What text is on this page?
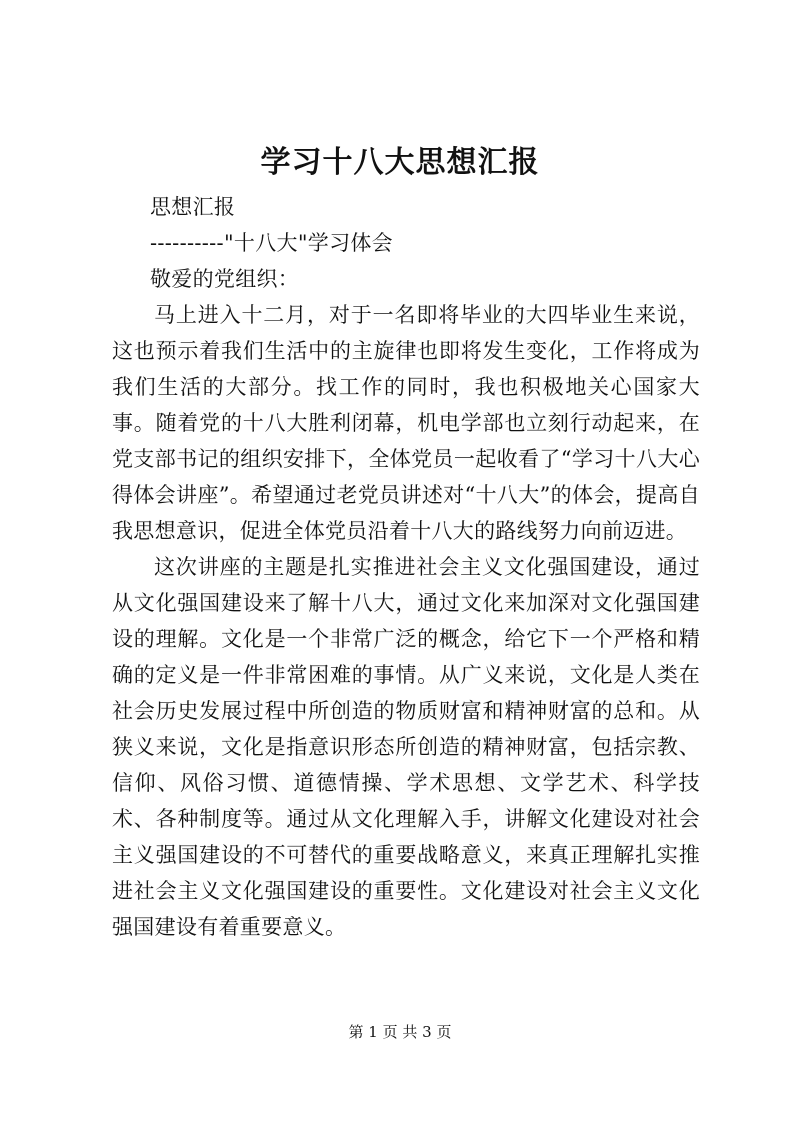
学习十八大思想汇报

思想汇报

----------"十八大"学习体会

敬爱的党组织：

马上进入十二月，对于一名即将毕业的大四毕业生来说，这也预示着我们生活中的主旋律也即将发生变化，工作将成为我们生活的大部分。找工作的同时，我也积极地关心国家大事。随着党的十八大胜利闭幕，机电学部也立刻行动起来，在党支部书记的组织安排下，全体党员一起收看了“学习十八大心得体会讲座”。希望通过老党员讲述对“十八大”的体会，提高自我思想意识，促进全体党员沿着十八大的路线努力向前迈进。

这次讲座的主题是扎实推进社会主义文化强国建设，通过从文化强国建设来了解十八大，通过文化来加深对文化强国建设的理解。文化是一个非常广泛的概念，给它下一个严格和精确的定义是一件非常困难的事情。从广义来说，文化是人类在社会历史发展过程中所创造的物质财富和精神财富的总和。从狭义来说，文化是指意识形态所创造的精神财富，包括宗教、信仰、风俗习惯、道德情操、学术思想、文学艺术、科学技术、各种制度等。通过从文化理解入手，讲解文化建设对社会主义强国建设的不可替代的重要战略意义，来真正理解扎实推进社会主义文化强国建设的重要性。文化建设对社会主义文化强国建设有着重要意义。

第 1 页 共 3 页
